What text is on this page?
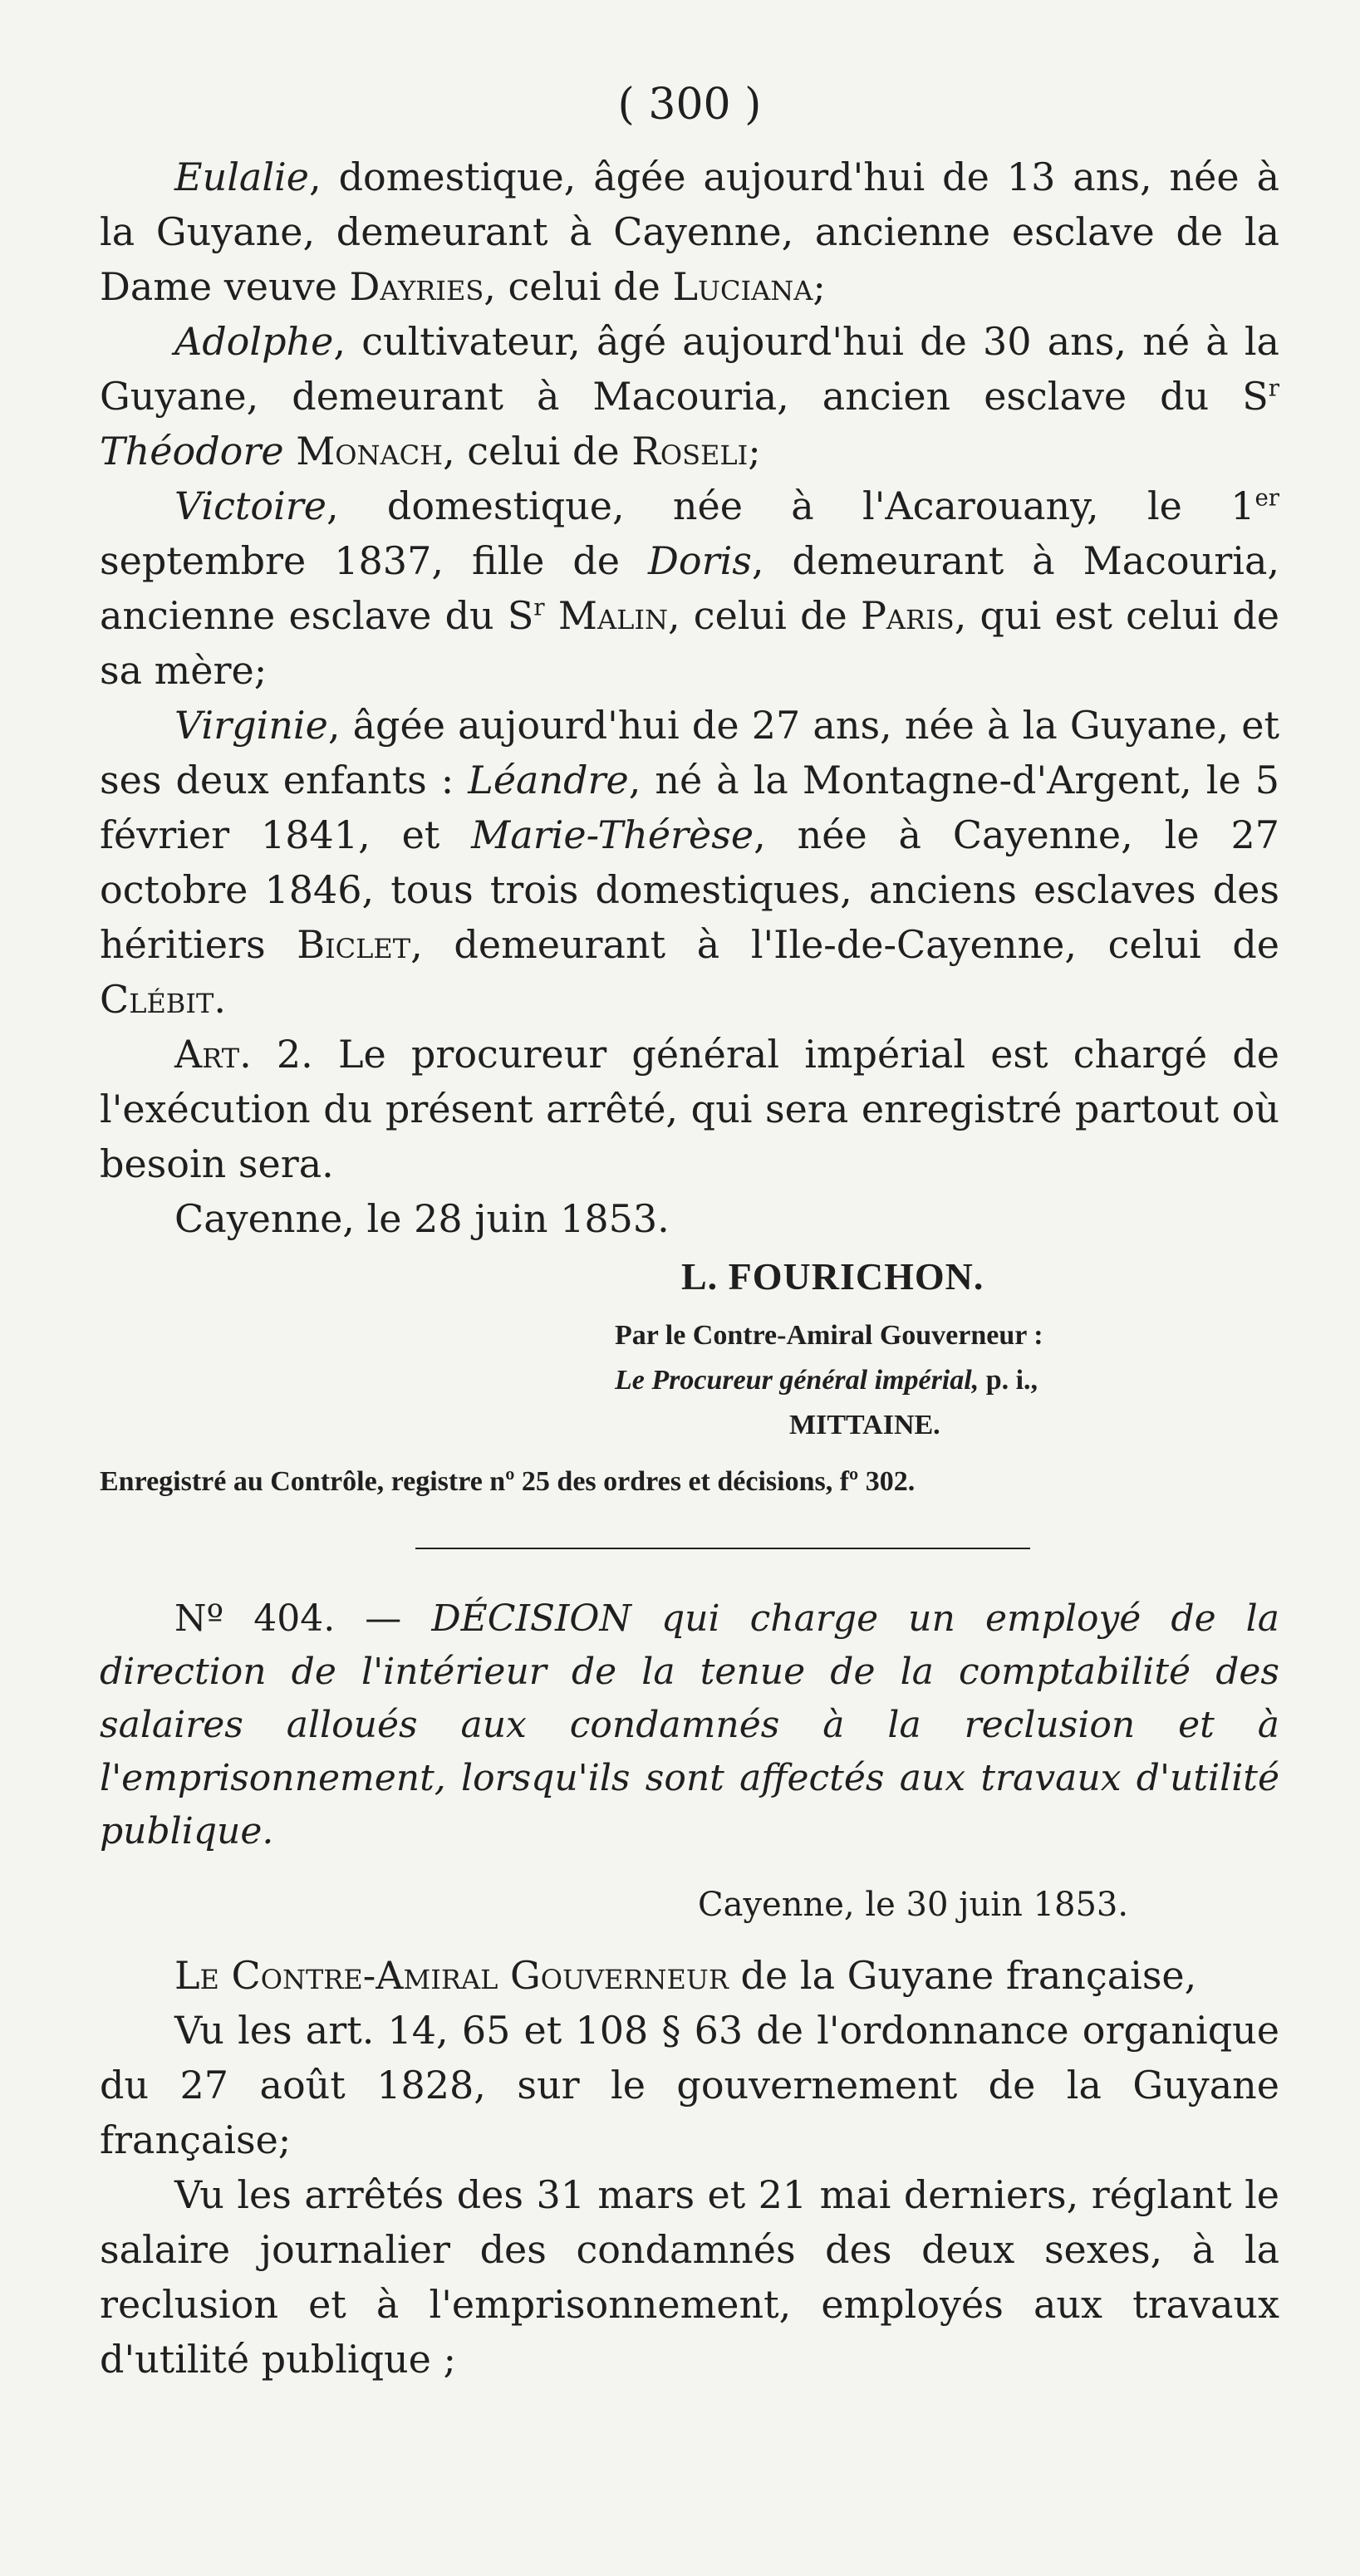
( 300 )

Eulalie, domestique, âgée aujourd'hui de 13 ans, née à la Guyane, demeurant à Cayenne, ancienne esclave de la Dame veuve Dayries, celui de Luciana;

Adolphe, cultivateur, âgé aujourd'hui de 30 ans, né à la Guyane, demeurant à Macouria, ancien esclave du $S^r$ Théodore Monach, celui de Roseli;

Victoire, domestique, née à l'Acarouany, le 1er septembre 1837, fille de Doris, demeurant à Macouria, ancienne esclave du $S^r$ Malin, celui de Paris, qui est celui de sa mère;

Virginie, âgée aujourd'hui de 27 ans, née à la Guyane, et ses deux enfants : Léandre, né à la Montagne-d'Argent, le 5 février 1841, et Marie-Thérèse, née à Cayenne, le 27 octobre 1846, tous trois domestiques, anciens esclaves des héritiers Biclet, demeurant à l'Ile-de-Cayenne, celui de Clébit.

Art. 2. Le procureur général impérial est chargé de l'exécution du présent arrêté, qui sera enregistré partout où besoin sera.

Cayenne, le 28 juin 1853.

L. FOURICHON.
Par le Contre-Amiral Gouverneur :
Le Procureur général impérial, p. i.,
MITTAINE.
Enregistré au Contrôle, registre nº 25 des ordres et décisions, fº 302.

Nº 404. — DÉCISION qui charge un employé de la direction de l'intérieur de la tenue de la comptabilité des salaires alloués aux condamnés à la reclusion et à l'emprisonnement, lorsqu'ils sont affectés aux travaux d'utilité publique.

Cayenne, le 30 juin 1853.

Le Contre-Amiral Gouverneur de la Guyane française,

Vu les art. 14, 65 et 108 § 63 de l'ordonnance organique du 27 août 1828, sur le gouvernement de la Guyane française;

Vu les arrêtés des 31 mars et 21 mai derniers, réglant le salaire journalier des condamnés des deux sexes, à la reclusion et à l'emprisonnement, employés aux travaux d'utilité publique ;
